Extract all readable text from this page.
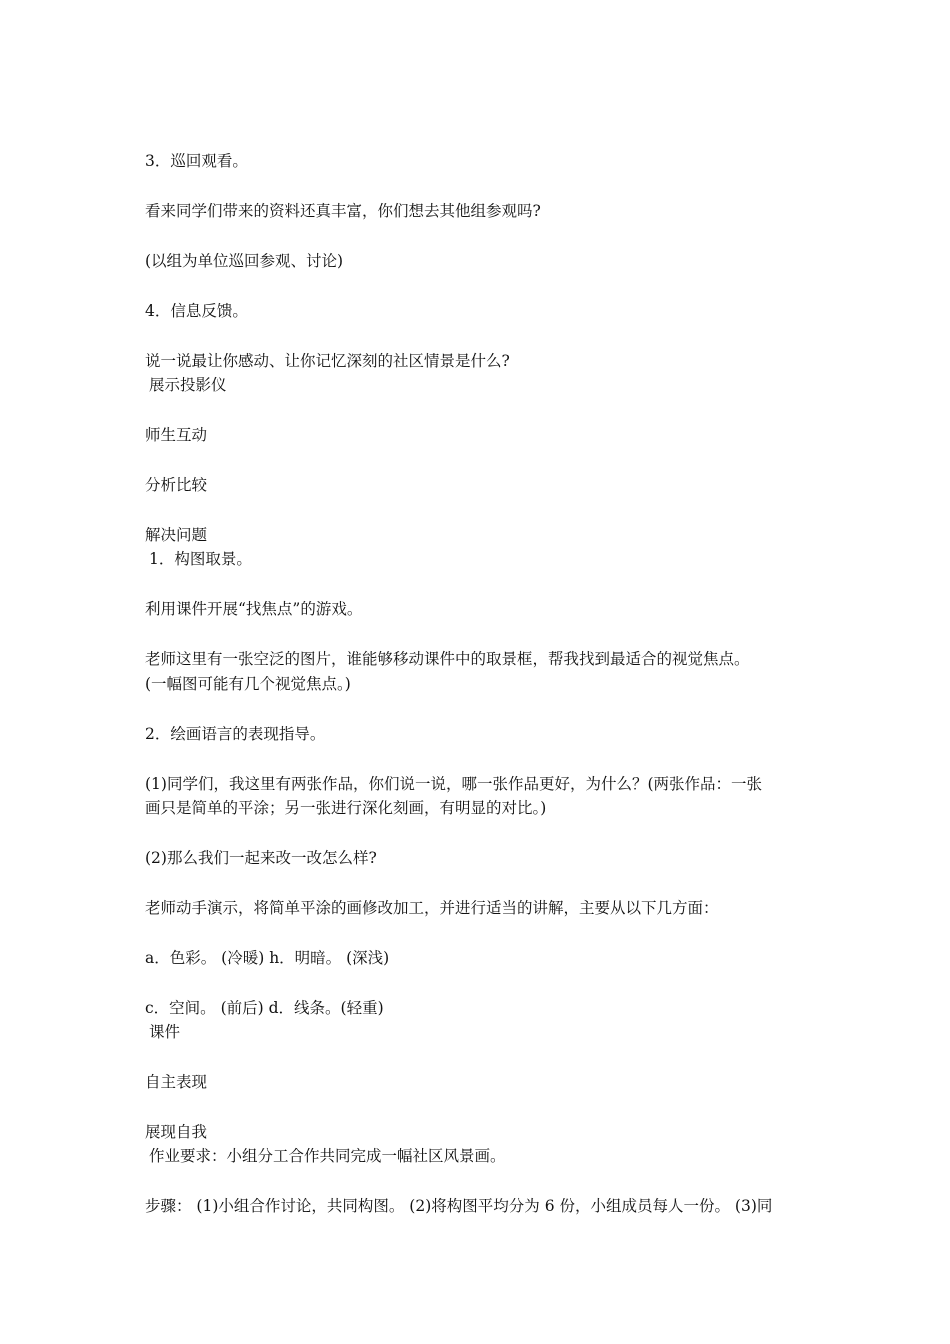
3．巡回观看。
看来同学们带来的资料还真丰富，你们想去其他组参观吗?
(以组为单位巡回参观、讨论)
4．信息反馈。
说一说最让你感动、让你记忆深刻的社区情景是什么?
展示投影仪
师生互动
分析比较
解决问题
1．构图取景。
利用课件开展“找焦点”的游戏。
老师这里有一张空泛的图片，谁能够移动课件中的取景框，帮我找到最适合的视觉焦点。
(一幅图可能有几个视觉焦点。)
2．绘画语言的表现指导。
(1)同学们，我这里有两张作品，你们说一说，哪一张作品更好，为什么？(两张作品：一张
画只是简单的平涂；另一张进行深化刻画，有明显的对比。)
(2)那么我们一起来改一改怎么样?
老师动手演示，将简单平涂的画修改加工，并进行适当的讲解，主要从以下几方面：
a．色彩。 (冷暖) h．明暗。 (深浅)
c．空间。 (前后) d．线条。(轻重)
课件
自主表现
展现自我
作业要求：小组分工合作共同完成一幅社区风景画。
步骤： (1)小组合作讨论，共同构图。 (2)将构图平均分为 6 份，小组成员每人一份。 (3)同
